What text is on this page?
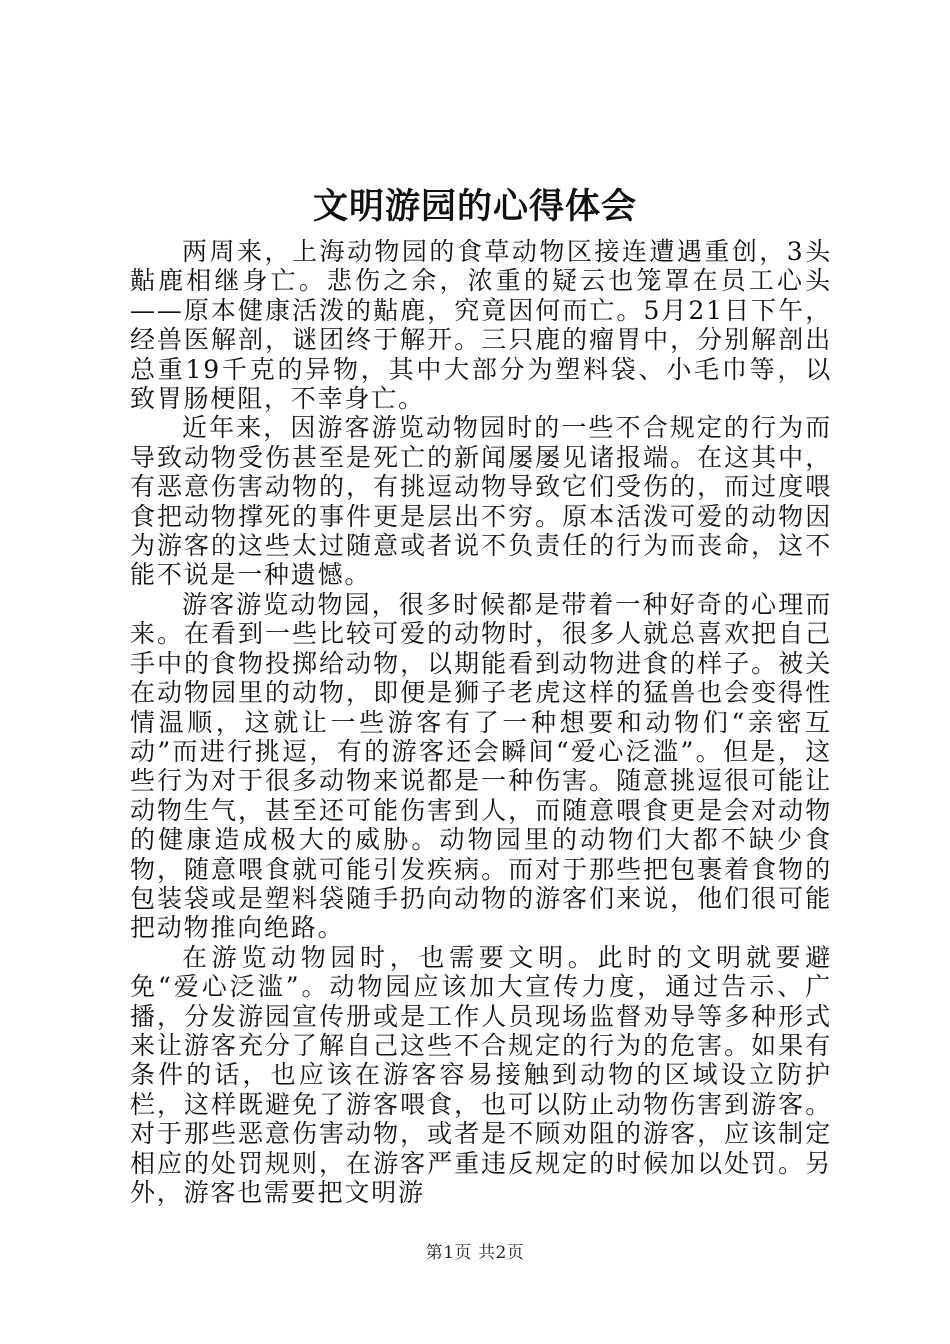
文明游园的心得体会

两周来，上海动物园的食草动物区接连遭遇重创，3头黇鹿相继身亡。悲伤之余，浓重的疑云也笼罩在员工心头——原本健康活泼的黇鹿，究竟因何而亡。5月21日下午，经兽医解剖，谜团终于解开。三只鹿的瘤胃中，分别解剖出总重19千克的异物，其中大部分为塑料袋、小毛巾等，以致胃肠梗阻，不幸身亡。

近年来，因游客游览动物园时的一些不合规定的行为而导致动物受伤甚至是死亡的新闻屡屡见诸报端。在这其中，有恶意伤害动物的，有挑逗动物导致它们受伤的，而过度喂食把动物撑死的事件更是层出不穷。原本活泼可爱的动物因为游客的这些太过随意或者说不负责任的行为而丧命，这不能不说是一种遗憾。

游客游览动物园，很多时候都是带着一种好奇的心理而来。在看到一些比较可爱的动物时，很多人就总喜欢把自己手中的食物投掷给动物，以期能看到动物进食的样子。被关在动物园里的动物，即便是狮子老虎这样的猛兽也会变得性情温顺，这就让一些游客有了一种想要和动物们“亲密互动”而进行挑逗，有的游客还会瞬间“爱心泛滥”。但是，这些行为对于很多动物来说都是一种伤害。随意挑逗很可能让动物生气，甚至还可能伤害到人，而随意喂食更是会对动物的健康造成极大的威胁。动物园里的动物们大都不缺少食物，随意喂食就可能引发疾病。而对于那些把包裹着食物的包装袋或是塑料袋随手扔向动物的游客们来说，他们很可能把动物推向绝路。

在游览动物园时，也需要文明。此时的文明就要避免“爱心泛滥”。动物园应该加大宣传力度，通过告示、广播，分发游园宣传册或是工作人员现场监督劝导等多种形式来让游客充分了解自己这些不合规定的行为的危害。如果有条件的话，也应该在游客容易接触到动物的区域设立防护栏，这样既避免了游客喂食，也可以防止动物伤害到游客。对于那些恶意伤害动物，或者是不顾劝阻的游客，应该制定相应的处罚规则，在游客严重违反规定的时候加以处罚。另外，游客也需要把文明游

第1页 共2页
